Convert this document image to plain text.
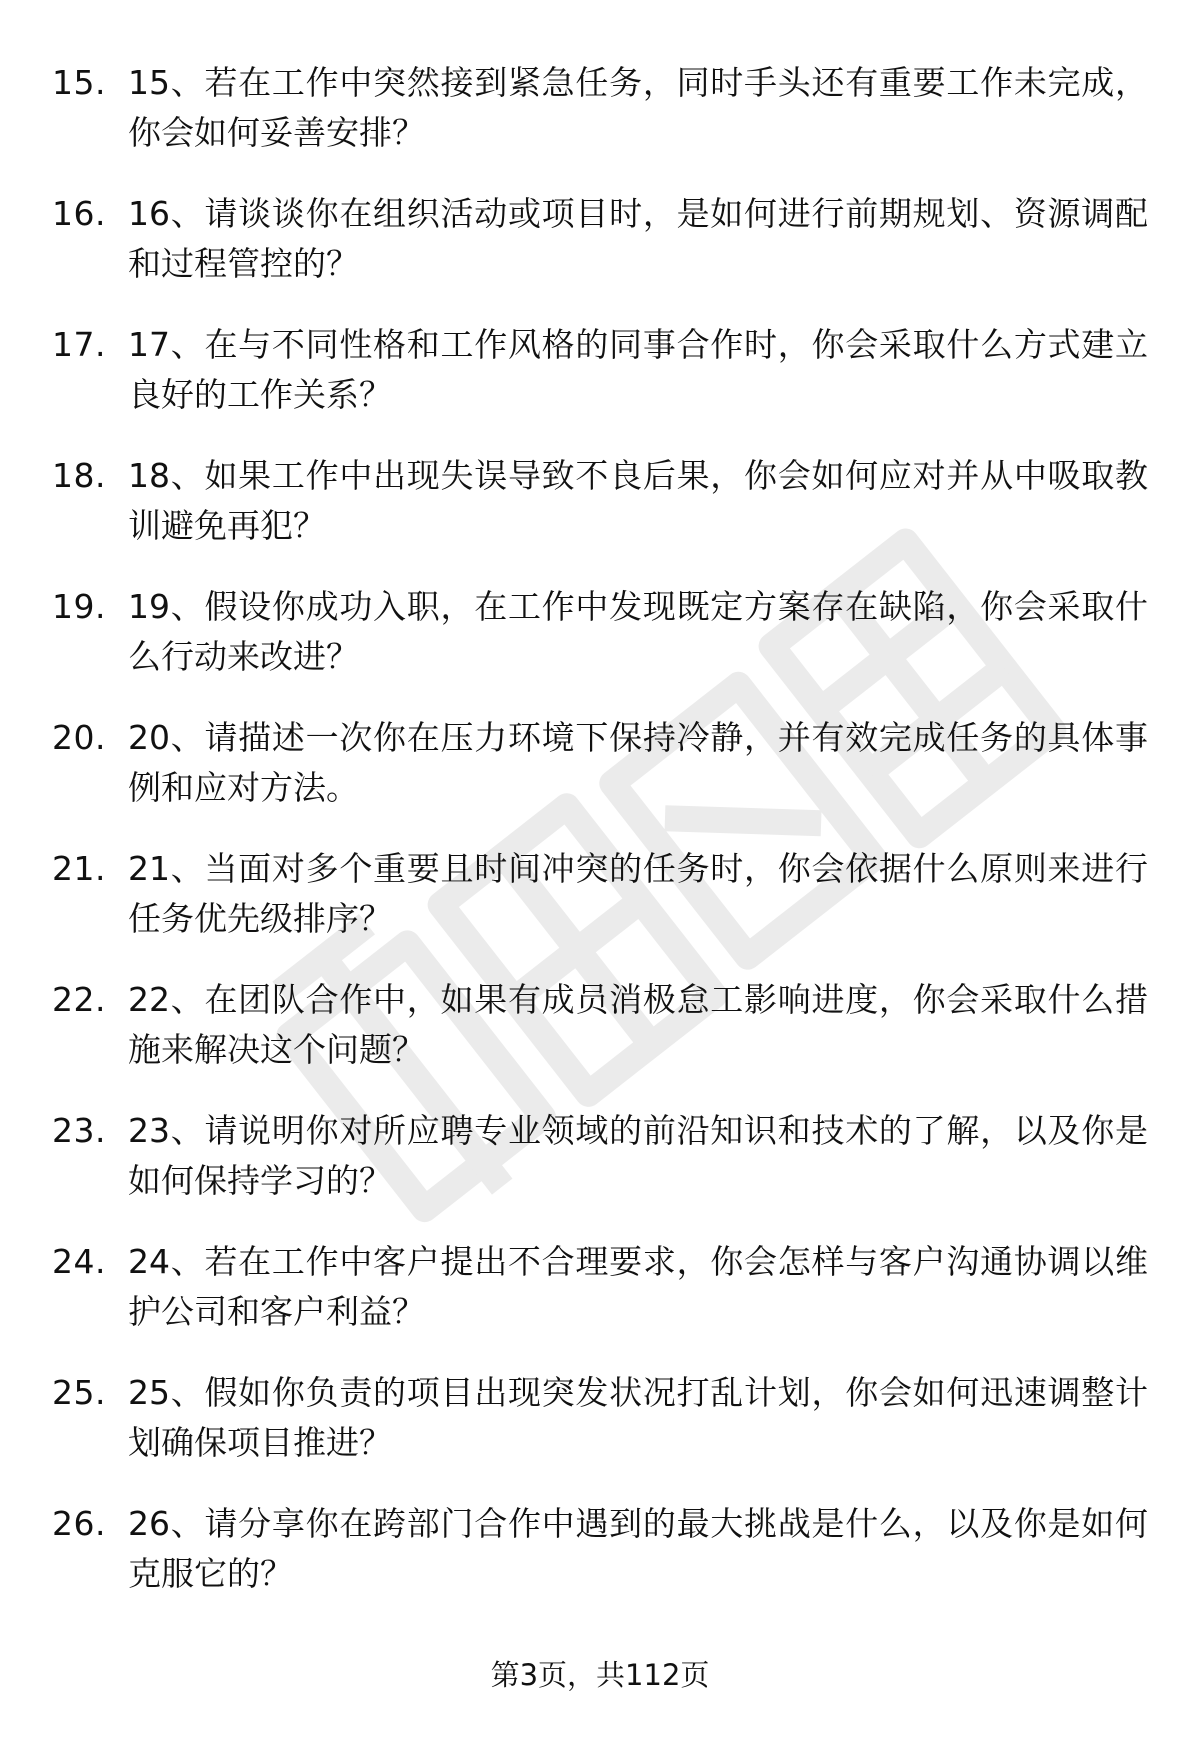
15. 15、若在工作中突然接到紧急任务，同时手头还有重要工作未完成，你会如何妥善安排？
16. 16、请谈谈你在组织活动或项目时，是如何进行前期规划、资源调配和过程管控的？
17. 17、在与不同性格和工作风格的同事合作时，你会采取什么方式建立良好的工作关系？
18. 18、如果工作中出现失误导致不良后果，你会如何应对并从中吸取教训避免再犯？
19. 19、假设你成功入职，在工作中发现既定方案存在缺陷，你会采取什么行动来改进？
20. 20、请描述一次你在压力环境下保持冷静，并有效完成任务的具体事例和应对方法。
21. 21、当面对多个重要且时间冲突的任务时，你会依据什么原则来进行任务优先级排序？
22. 22、在团队合作中，如果有成员消极怠工影响进度，你会采取什么措施来解决这个问题？
23. 23、请说明你对所应聘专业领域的前沿知识和技术的了解，以及你是如何保持学习的？
24. 24、若在工作中客户提出不合理要求，你会怎样与客户沟通协调以维护公司和客户利益？
25. 25、假如你负责的项目出现突发状况打乱计划，你会如何迅速调整计划确保项目推进？
26. 26、请分享你在跨部门合作中遇到的最大挑战是什么，以及你是如何克服它的？
第3页，共112页
